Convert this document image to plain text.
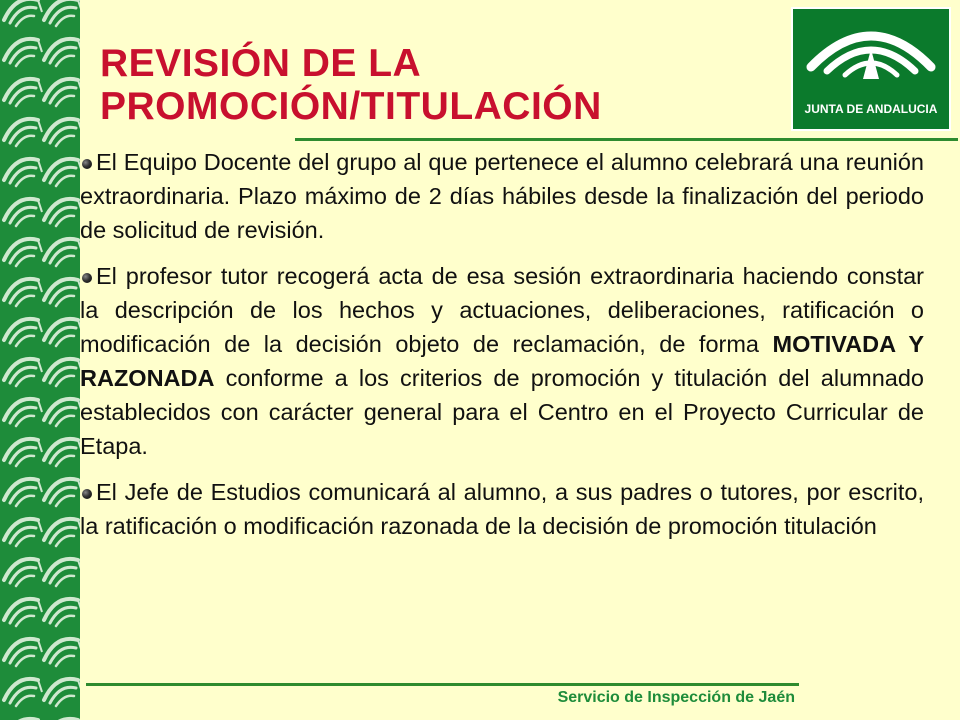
JUNTA DE ANDALUCIA
REVISIÓN DE LA
PROMOCIÓN/TITULACIÓN
El Equipo Docente del grupo al que pertenece el alumno celebrará una reunión extraordinaria. Plazo máximo de 2 días hábiles desde la finalización del periodo de solicitud de revisión.
El profesor tutor recogerá acta de esa sesión extraordinaria haciendo constar la descripción de los hechos y actuaciones, deliberaciones, ratificación o modificación de la decisión objeto de reclamación, de forma MOTIVADA Y RAZONADA conforme a los criterios de promoción y titulación del alumnado establecidos con carácter general para el Centro en el Proyecto Curricular de Etapa.
El Jefe de Estudios comunicará al alumno, a sus padres o tutores, por escrito, la ratificación o modificación razonada de la decisión de promoción titulación
Servicio de Inspección de Jaén
